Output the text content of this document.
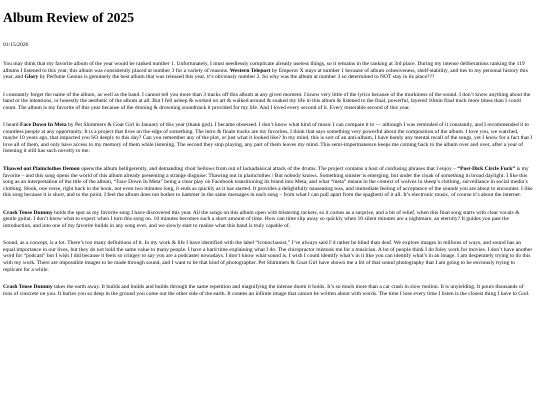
Album Review of 2025
01/15/2026

You may think that my favorite album of the year would be ranked number 1. Unfortunately, I must needlessly complicate already useless things, so it remains in the ranking at 3rd place. During my intense deliberations ranking the 119 albums I listened to this year, this album was consistently placed at number 3 for a variety of reasons. Western Teleport by Emperor X stays at number 1 because of album cohesiveness, shelf-stability, and ties to my personal history this year, and Glory by Perfume Genius is genuinely the best album that was released this year, it’s obviously number 2. So why was the album at number 3 so determined to NOT stay in its place???

I constantly forget the name of the album, as well as the band. I cannot tell you more than 3 tracks off this album at any given moment. I know very little of the lyrics because of the murkiness of the sound. I don’t know anything about the band or the intentions, or honestly the aesthetic of the album at all. But I fell asleep & worked on art & walked around & soaked my life in this album & listened to the final, powerful, layered 10min final track more times than I could count. The album is my favorite of this year because of the droning & drowning soundtrack it provided for my life. And I loved every second of it. Every miserable second of this year.

I heard Face Down In Meta by Pet Shimmers & Goat Girl in January of this year (thank god). I became obsessed. I don’t know what kind of music I can compare it to — although I was reminded of it constantly, and I recommended it to countless people at any opportunity. It is a project that lives on the edge of something. The intro & finale tracks are my favorites, I think that says something very powerful about the composition of the album. I love you, we watched, maybe 10 years ago, that impacted you SO deeply to this day? Can you remember any of the plot, or just what it looked like? In my mind, this is sort of an anti-album, I have barely any mental recall of the songs, yet I know for a fact that I love all of them, and only have access to my memory of them while listening. The second they stop playing, any part of them leaves my mind. This semi-impermanence keeps me coming back to the album over and over, after a year of listening it still has such novelty to me.

Thawed out Plainclothes Demon opens the album belligerently, and demanding choir bellows from out of lackadaisical attack of the drums. The project contains a host of confusing phrases that I enjoy – “Post-Dick Circle Fuck” is my favorite – and this song opens the world of this album already presenting a strange disguise: Thawing out in plainclothes / But nobody knows. Something sinister is emerging, but under the cloak of something in broad daylight. I like this song as an interpretation of the title of the album, “Face Down In Meta” being a clear play on Facebook transitioning its brand into Meta, and what “meta” means in the context of wolves in sheep’s clothing, surveillance in social media’s clothing. Hook, one verse, right back to the hook, not even two minutes long, it ends as quickly as it has started. It provides a delightfully nauseating toss, and immediate feeling of acceptance of the sounds you are about to encounter. I like this song because it is short, and to the point. I feel the album does not bother to hammer in the same messages in each song – from what I can pull apart from the spaghetti of it all. It’s electronic music, of course it’s about the internet.

Crash Tense Dummy holds the spot as my favorite song I have discovered this year. All the songs on this album open with blistering rackets, so it comes as a surprise, and a bit of relief, when this final song starts with clear vocals & gentle guitar. I don’t know what to expect when I turn this song on. 10 minutes becomes such a short amount of time. How can time slip away so quickly when 10 silent minutes are a nightmare, an eternity? It guides you past the introduction, and into one of my favorite builds in any song ever, and we slowly start to realize what this band is truly capable of.

Sound, as a concept, is a lot. There’s too many definitions of it. In my work & life I have identified with the label “iconoclassist,” I’ve always said I’d rather be blind than deaf. We explore images in millions of ways, and sound has an equal importance in our lives, but they do not hold the same value to many people. I have a hard time explaining what I do. The chiropractor mistook me for a musician. A lot of people think I do foley work for movies. I don’t have another word for “podcast” but I wish I did because it feels so cringey to say you are a podcaster nowadays. I don’t know what sound is. I wish I could identify what’s in it like you can identify what’s in an image. I am desperately trying to do this with my work. There are impossible images to be made through sound, and I want to be that kind of photographer. Pet Shimmers & Goat Girl have shown me a bit of that sound photography that I am going to be enviously trying to replicate for a while.

Crash Tense Dummy takes the earth away. It builds and builds and builds through the same repetition and magnifying the intense doom it holds. It’s so much more than a car crash in slow motion. It is unyielding. It pours thousands of tons of concrete on you. It buries you so deep in the ground you come out the other side of the earth. It creates an infinite image that cannot be written about with words. The time I lose every time I listen is the closest thing I have to God.
